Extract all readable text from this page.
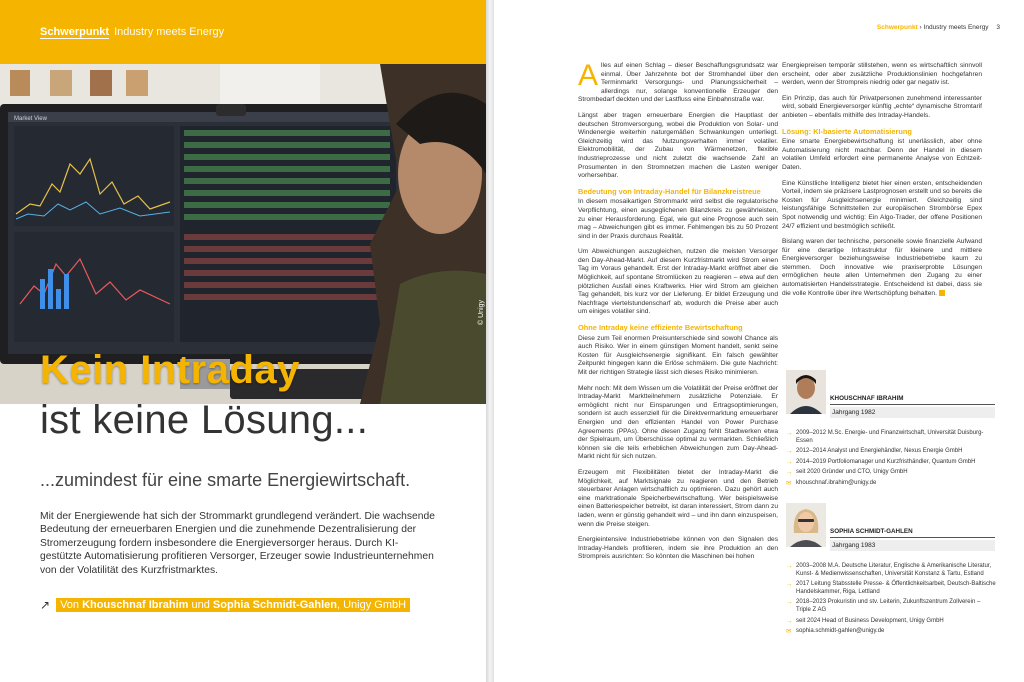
Schwerpunkt Industry meets Energy
Market View
© Unigy
Kein Intraday
ist keine Lösung...
...zumindest für eine smarte Energiewirtschaft.
Mit der Energiewende hat sich der Strommarkt grundlegend verändert. Die wachsende Bedeutung der erneuerbaren Energien und die zunehmende Dezentralisierung der Stromerzeugung fordern insbesondere die Energieversorger heraus. Durch KI-gestützte Automatisierung profitieren Versorger, Erzeuger sowie Industrieunternehmen von der Volatilität des Kurzfristmarktes.
↗︎ Von Khouschnaf Ibrahim und Sophia Schmidt-Gahlen, Unigy GmbH
Schwerpunkt › Industry meets Energy 3

Alles auf einen Schlag – dieser Beschaffungsgrundsatz war einmal. Über Jahrzehnte bot der Stromhandel über den Terminmarkt Versorgungs- und Planungssicherheit – allerdings nur, solange konventionelle Erzeuger den Strombedarf deckten und der Lastfluss eine Einbahnstraße war.

Längst aber tragen erneuerbare Energien die Hauptlast der deutschen Stromversorgung, wobei die Produktion von Solar- und Windenergie weiterhin naturgemäßen Schwankungen unterliegt. Gleichzeitig wird das Nutzungsverhalten immer volatiler. Elektromobilität, der Zubau von Wärmenetzen, flexible Industrieprozesse und nicht zuletzt die wachsende Zahl an Prosumenten in den Stromnetzen machen die Lasten weniger vorhersehbar.

Bedeutung von Intraday-Handel für Bilanzkreistreue

In diesem mosaikartigen Strommarkt wird selbst die regulatorische Verpflichtung, einen ausgeglichenen Bilanzkreis zu gewährleisten, zu einer Herausforderung. Egal, wie gut eine Prognose auch sein mag – Abweichungen gibt es immer. Fehlmengen bis zu 50 Prozent sind in der Praxis durchaus Realität.

Um Abweichungen auszugleichen, nutzen die meisten Versorger den Day-Ahead-Markt. Auf diesem Kurzfristmarkt wird Strom einen Tag im Voraus gehandelt. Erst der Intraday-Markt eröffnet aber die Möglichkeit, auf spontane Stromlücken zu reagieren – etwa auf den plötzlichen Ausfall eines Kraftwerks. Hier wird Strom am gleichen Tag gehandelt, bis kurz vor der Lieferung. Er bildet Erzeugung und Nachfrage viertelstundenscharf ab, wodurch die Preise aber auch um einiges volatiler sind.

Ohne Intraday keine effiziente Bewirtschaftung

Diese zum Teil enormen Preisunterschiede sind sowohl Chance als auch Risiko. Wer in einem günstigen Moment handelt, senkt seine Kosten für Ausgleichsenergie signifikant. Ein falsch gewählter Zeitpunkt hingegen kann die Erlöse schmälern. Die gute Nachricht: Mit der richtigen Strategie lässt sich dieses Risiko minimieren.

Mehr noch: Mit dem Wissen um die Volatilität der Preise eröffnet der Intraday-Markt Marktteilnehmern zusätzliche Potenziale. Er ermöglicht nicht nur Einsparungen und Ertragsoptimierungen, sondern ist auch essenziell für die Direktvermarktung erneuerbarer Energien und den effizienten Handel von Power Purchase Agreements (PPAs). Ohne diesen Zugang fehlt Stadtwerken etwa der Spielraum, um Überschüsse optimal zu vermarkten. Schließlich können sie die teils erheblichen Abweichungen zum Day-Ahead-Markt nicht für sich nutzen.

Erzeugern mit Flexibilitäten bietet der Intraday-Markt die Möglichkeit, auf Marktsignale zu reagieren und den Betrieb steuerbarer Anlagen wirtschaftlich zu optimieren. Dazu gehört auch eine marktrationale Speicherbewirtschaftung. Wer beispielsweise einen Batteriespeicher betreibt, ist daran interessiert, Strom dann zu laden, wenn er günstig gehandelt wird – und ihn dann einzuspeisen, wenn die Preise steigen.

Energieintensive Industriebetriebe können von den Signalen des Intraday-Handels profitieren, indem sie ihre Produktion an den Strompreis ausrichten: So könnten die Maschinen bei hohen

Energiepreisen temporär stillstehen, wenn es wirtschaftlich sinnvoll erscheint, oder aber zusätzliche Produktionslinien hochgefahren werden, wenn der Strompreis niedrig oder gar negativ ist.

Ein Prinzip, das auch für Privatpersonen zunehmend interessanter wird, sobald Energieversorger künftig „echte“ dynamische Stromtarif anbieten – ebenfalls mithilfe des Intraday-Handels.

Lösung: KI-basierte Automatisierung

Eine smarte Energiebewirtschaftung ist unerlässlich, aber ohne Automatisierung nicht machbar. Denn der Handel in diesem volatilen Umfeld erfordert eine permanente Analyse von Echtzeit-Daten.

Eine Künstliche Intelligenz bietet hier einen ersten, entscheidenden Vorteil, indem sie präzisere Lastprognosen erstellt und so bereits die Kosten für Ausgleichsenergie minimiert. Gleichzeitig sind leistungsfähige Schnittstellen zur europäischen Strombörse Epex Spot notwendig und wichtig: Ein Algo-Trader, der offene Positionen 24/7 effizient und bestmöglich schließt.

Bislang waren der technische, personelle sowie finanzielle Aufwand für eine derartige Infrastruktur für kleinere und mittlere Energieversorger beziehungsweise Industriebetriebe kaum zu stemmen. Doch innovative wie praxiserprobte Lösungen ermöglichen heute allen Unternehmen den Zugang zu einer automatisierten Handelsstrategie. Entscheidend ist dabei, dass sie die volle Kontrolle über ihre Wertschöpfung behalten.

KHOUSCHNAF IBRAHIM
Jahrgang 1982
→ 2009–2012 M.Sc. Energie- und Finanzwirtschaft, Universität Duisburg-Essen
→ 2012–2014 Analyst und Energiehändler, Nexus Energie GmbH
→ 2014–2019 Portfoliomanager und Kurzfristhändler, Quantum GmbH
→ seit 2020 Gründer und CTO, Unigy GmbH
✉ khouschnaf.ibrahim@unigy.de
SOPHIA SCHMIDT-GAHLEN
Jahrgang 1983
→ 2003–2008 M.A. Deutsche Literatur, Englische & Amerikanische Literatur, Kunst- & Medienwissenschaften, Universität Konstanz & Tartu, Estland
→ 2017 Leitung Stabsstelle Presse- & Öffentlichkeitsarbeit, Deutsch-Baltische Handelskammer, Riga, Lettland
→ 2018–2023 Prokuristin und stv. Leiterin, Zukunftszentrum Zollverein – Triple Z AG
→ seit 2024 Head of Business Development, Unigy GmbH
✉ sophia.schmidt-gahlen@unigy.de
